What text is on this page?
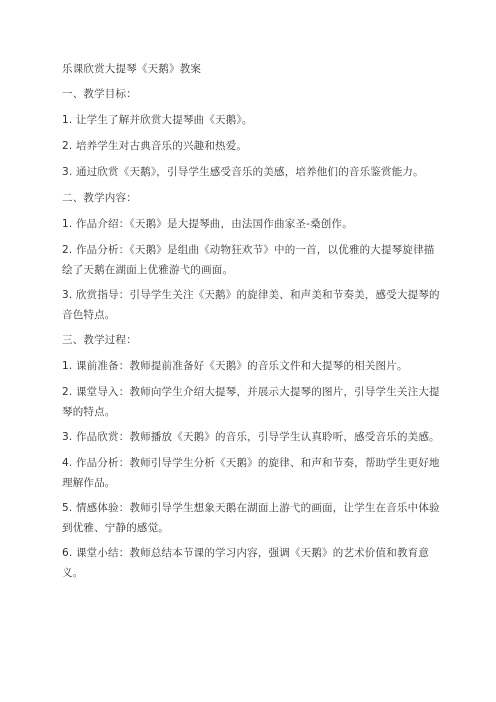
乐课欣赏大提琴《天鹅》教案

一、教学目标：

1. 让学生了解并欣赏大提琴曲《天鹅》。

2. 培养学生对古典音乐的兴趣和热爱。

3. 通过欣赏《天鹅》，引导学生感受音乐的美感，培养他们的音乐鉴赏能力。

二、教学内容：

1. 作品介绍：《天鹅》是大提琴曲，由法国作曲家圣-桑创作。

2. 作品分析：《天鹅》是组曲《动物狂欢节》中的一首，以优雅的大提琴旋律描绘了天鹅在湖面上优雅游弋的画面。

3. 欣赏指导：引导学生关注《天鹅》的旋律美、和声美和节奏美，感受大提琴的音色特点。

三、教学过程：

1. 课前准备：教师提前准备好《天鹅》的音乐文件和大提琴的相关图片。

2. 课堂导入：教师向学生介绍大提琴，并展示大提琴的图片，引导学生关注大提琴的特点。

3. 作品欣赏：教师播放《天鹅》的音乐，引导学生认真聆听，感受音乐的美感。

4. 作品分析：教师引导学生分析《天鹅》的旋律、和声和节奏，帮助学生更好地理解作品。

5. 情感体验：教师引导学生想象天鹅在湖面上游弋的画面，让学生在音乐中体验到优雅、宁静的感觉。

6. 课堂小结：教师总结本节课的学习内容，强调《天鹅》的艺术价值和教育意义。
